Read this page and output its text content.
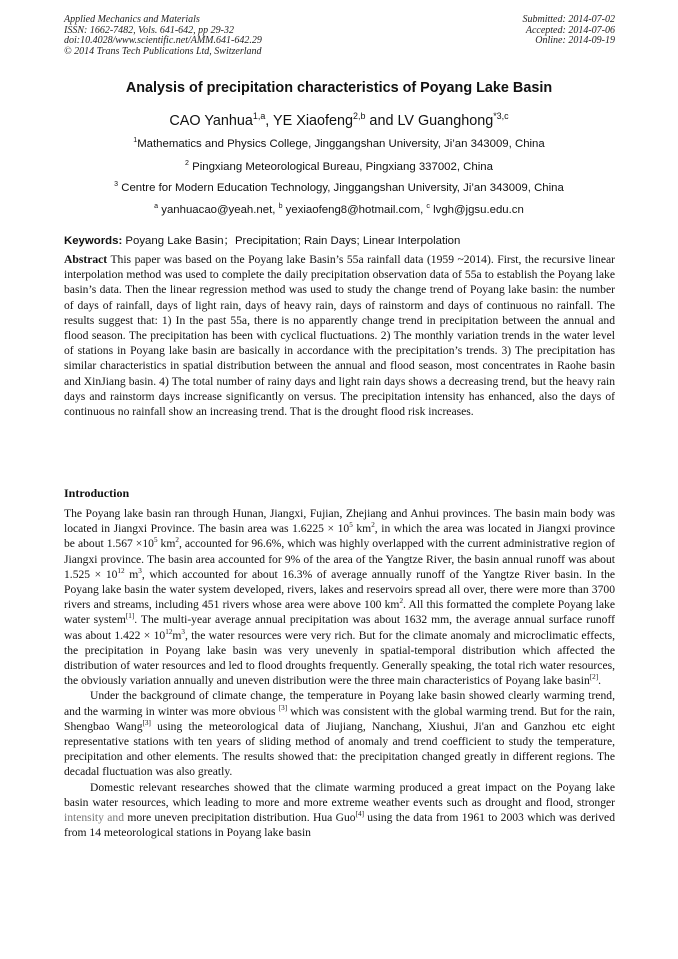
Applied Mechanics and Materials
ISSN: 1662-7482, Vols. 641-642, pp 29-32
doi:10.4028/www.scientific.net/AMM.641-642.29
© 2014 Trans Tech Publications Ltd, Switzerland
Submitted: 2014-07-02
Accepted: 2014-07-06
Online: 2014-09-19
Analysis of precipitation characteristics of Poyang Lake Basin
CAO Yanhua$^{1,a}$, YE Xiaofeng$^{2,b}$ and LV Guanghong$^{*3,c}$
$^1$Mathematics and Physics College, Jinggangshan University, Ji’an 343009, China
$^2$ Pingxiang Meteorological Bureau, Pingxiang 337002, China
$^3$ Centre for Modern Education Technology, Jinggangshan University, Ji’an 343009, China
$^a$ yanhuacao@yeah.net, $^b$ yexiaofeng8@hotmail.com, $^c$ lvgh@jgsu.edu.cn
Keywords: Poyang Lake Basin；Precipitation; Rain Days; Linear Interpolation
Abstract This paper was based on the Poyang lake Basin’s 55a rainfall data (1959 ~2014). First, the recursive linear interpolation method was used to complete the daily precipitation observation data of 55a to establish the Poyang lake basin’s data. Then the linear regression method was used to study the change trend of Poyang lake basin: the number of days of rainfall, days of light rain, days of heavy rain, days of rainstorm and days of continuous no rainfall. The results suggest that: 1) In the past 55a, there is no apparently change trend in precipitation between the annual and flood season. The precipitation has been with cyclical fluctuations. 2) The monthly variation trends in the water level of stations in Poyang lake basin are basically in accordance with the precipitation’s trends. 3) The precipitation has similar characteristics in spatial distribution between the annual and flood season, most concentrates in Raohe basin and XinJiang basin. 4) The total number of rainy days and light rain days shows a decreasing trend, but the heavy rain days and rainstorm days increase significantly on versus. The precipitation intensity has enhanced, also the days of continuous no rainfall show an increasing trend. That is the drought flood risk increases.
Introduction

The Poyang lake basin ran through Hunan, Jiangxi, Fujian, Zhejiang and Anhui provinces. The basin main body was located in Jiangxi Province. The basin area was $1.6225 \times 10^5$ $km^2$, in which the area was located in Jiangxi province be about $1.567 \times 10^5$ $km^2$, accounted for 96.6%, which was highly overlapped with the current administrative region of Jiangxi province. The basin area accounted for 9% of the area of the Yangtze River, the basin annual runoff was about $1.525 \times 10^{12}$ $m^3$, which accounted for about 16.3% of average annually runoff of the Yangtze River basin. In the Poyang lake basin the water system developed, rivers, lakes and reservoirs spread all over, there were more than 3700 rivers and streams, including 451 rivers whose area were above 100 $km^2$. All this formatted the complete Poyang lake water system[1]. The multi-year average annual precipitation was about 1632 mm, the average annual surface runoff was about $1.422 \times 10^{12}m^3$, the water resources were very rich. But for the climate anomaly and microclimatic effects, the precipitation in Poyang lake basin was very unevenly in spatial-temporal distribution which affected the distribution of water resources and led to flood droughts frequently. Generally speaking, the total rich water resources, the obviously variation annually and uneven distribution were the three main characteristics of Poyang lake basin[2].

Under the background of climate change, the temperature in Poyang lake basin showed clearly warming trend, and the warming in winter was more obvious [3] which was consistent with the global warming trend. But for the rain, Shengbao Wang[3] using the meteorological data of Jiujiang, Nanchang, Xiushui, Ji'an and Ganzhou etc eight representative stations with ten years of sliding method of anomaly and trend coefficient to study the temperature, precipitation and other elements. The results showed that: the precipitation changed greatly in different regions. The decadal fluctuation was also greatly.

Domestic relevant researches showed that the climate warming produced a great impact on the Poyang lake basin water resources, which leading to more and more extreme weather events such as drought and flood, stronger intensity and more uneven precipitation distribution. Hua Guo[4] using the data from 1961 to 2003 which was derived from 14 meteorological stations in Poyang lake basin
